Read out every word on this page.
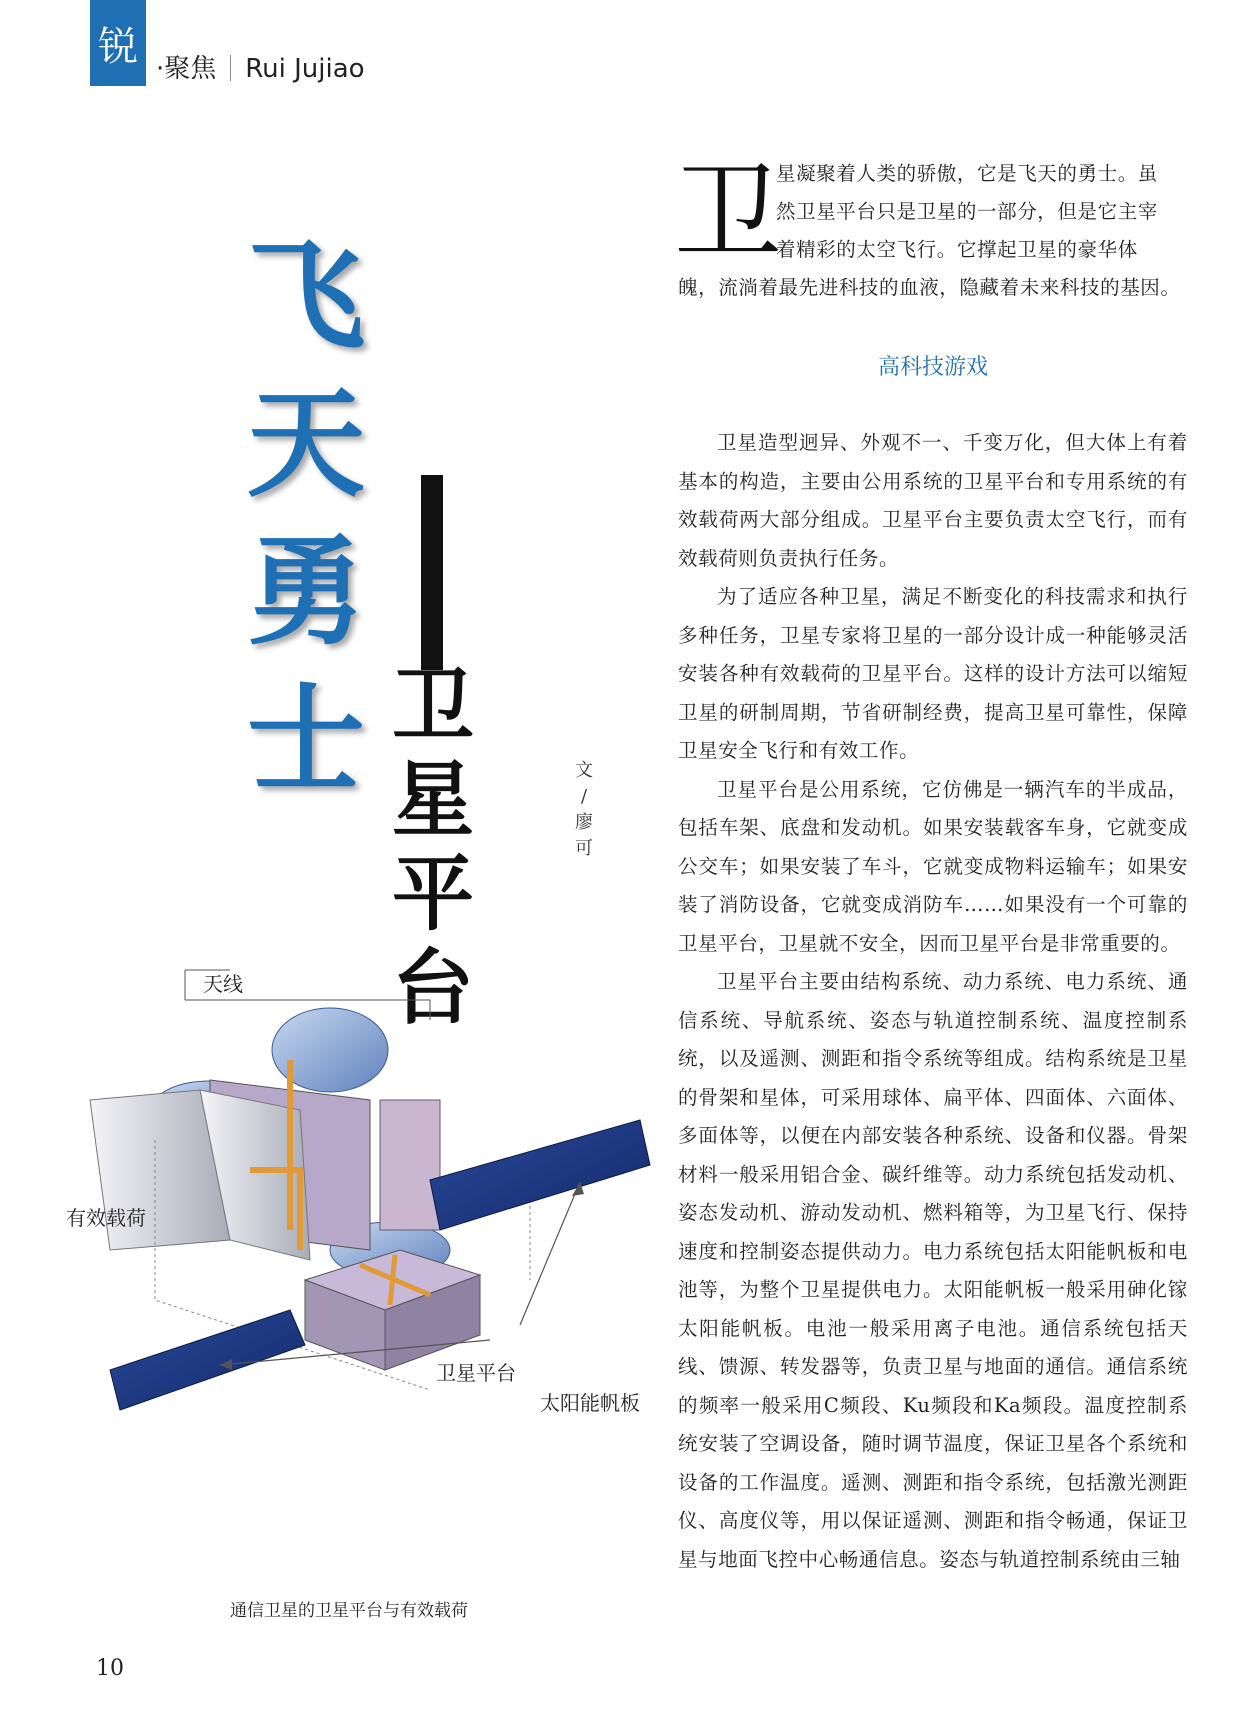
锐 ·聚焦 Rui Jujiao
飞
天
勇
士 卫
星
平
台
文
/
廖
可
卫
星凝聚着人类的骄傲，它是飞天的勇士。虽
然卫星平台只是卫星的一部分，但是它主宰
着精彩的太空飞行。它撑起卫星的豪华体
魄，流淌着最先进科技的血液，隐藏着未来科技的基因。
高科技游戏

卫星造型迥异、外观不一、千变万化，但大体上有着基本的构造，主要由公用系统的卫星平台和专用系统的有效载荷两大部分组成。卫星平台主要负责太空飞行，而有效载荷则负责执行任务。

为了适应各种卫星，满足不断变化的科技需求和执行多种任务，卫星专家将卫星的一部分设计成一种能够灵活安装各种有效载荷的卫星平台。这样的设计方法可以缩短卫星的研制周期，节省研制经费，提高卫星可靠性，保障卫星安全飞行和有效工作。

卫星平台是公用系统，它仿佛是一辆汽车的半成品，包括车架、底盘和发动机。如果安装载客车身，它就变成公交车；如果安装了车斗，它就变成物料运输车；如果安装了消防设备，它就变成消防车……如果没有一个可靠的卫星平台，卫星就不安全，因而卫星平台是非常重要的。

卫星平台主要由结构系统、动力系统、电力系统、通信系统、导航系统、姿态与轨道控制系统、温度控制系统，以及遥测、测距和指令系统等组成。结构系统是卫星的骨架和星体，可采用球体、扁平体、四面体、六面体、多面体等，以便在内部安装各种系统、设备和仪器。骨架材料一般采用铝合金、碳纤维等。动力系统包括发动机、姿态发动机、游动发动机、燃料箱等，为卫星飞行、保持速度和控制姿态提供动力。电力系统包括太阳能帆板和电池等，为整个卫星提供电力。太阳能帆板一般采用砷化镓太阳能帆板。电池一般采用离子电池。通信系统包括天线、馈源、转发器等，负责卫星与地面的通信。通信系统的频率一般采用C频段、Ku频段和Ka频段。温度控制系统安装了空调设备，随时调节温度，保证卫星各个系统和设备的工作温度。遥测、测距和指令系统，包括激光测距仪、高度仪等，用以保证遥测、测距和指令畅通，保证卫星与地面飞控中心畅通信息。姿态与轨道控制系统由三轴

天线
有效载荷
卫星平台
太阳能帆板
通信卫星的卫星平台与有效载荷
10
